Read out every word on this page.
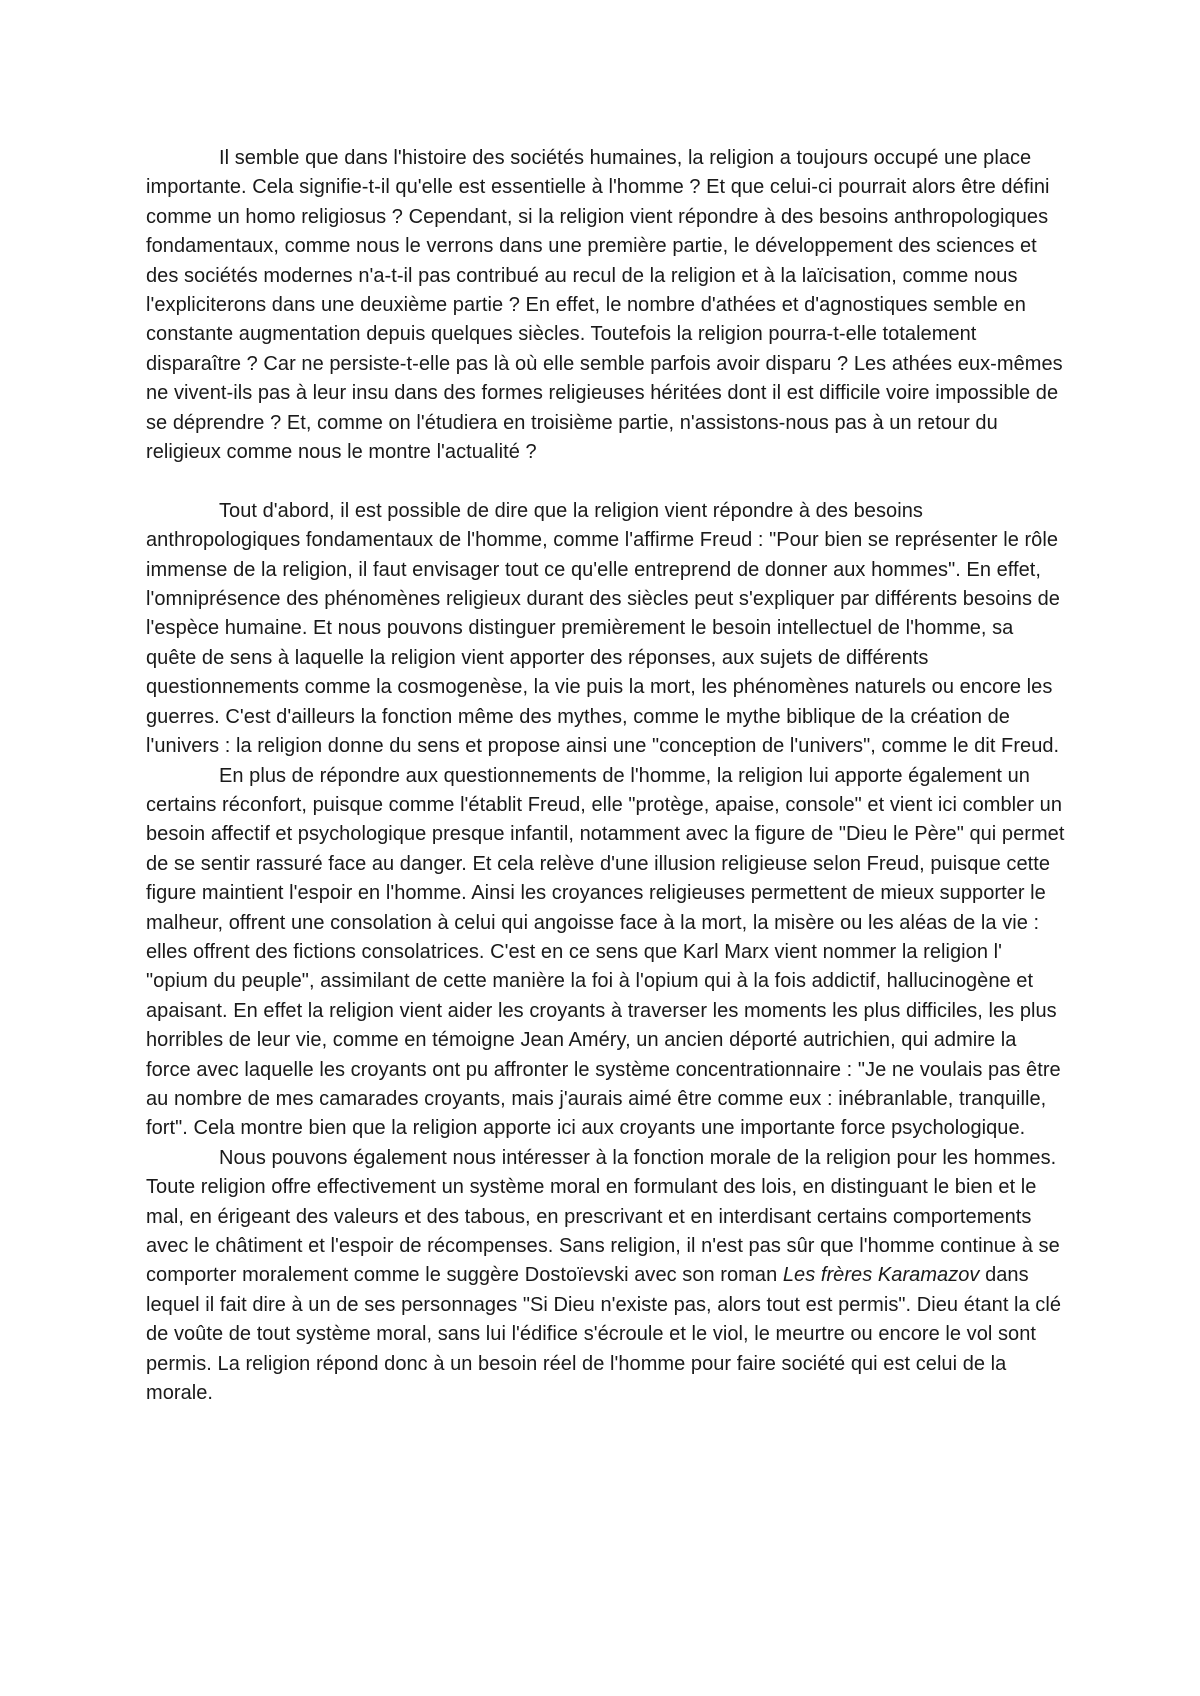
Il semble que dans l'histoire des sociétés humaines, la religion a toujours occupé une place importante. Cela signifie-t-il qu'elle est essentielle à l'homme ? Et que celui-ci pourrait alors être défini comme un homo religiosus ? Cependant, si la religion vient répondre à des besoins anthropologiques fondamentaux, comme nous le verrons dans une première partie, le développement des sciences et des sociétés modernes n'a-t-il pas contribué au recul de la religion et à la laïcisation, comme nous l'expliciterons dans une deuxième partie ? En effet, le nombre d'athées et d'agnostiques semble en constante augmentation depuis quelques siècles. Toutefois la religion pourra-t-elle totalement disparaître ? Car ne persiste-t-elle pas là où elle semble parfois avoir disparu ? Les athées eux-mêmes ne vivent-ils pas à leur insu dans des formes religieuses héritées dont il est difficile voire impossible de se déprendre ? Et, comme on l'étudiera en troisième partie, n'assistons-nous pas à un retour du religieux comme nous le montre l'actualité ?

Tout d'abord, il est possible de dire que la religion vient répondre à des besoins anthropologiques fondamentaux de l'homme, comme l'affirme Freud : "Pour bien se représenter le rôle immense de la religion, il faut envisager tout ce qu'elle entreprend de donner aux hommes". En effet, l'omniprésence des phénomènes religieux durant des siècles peut s'expliquer par différents besoins de l'espèce humaine. Et nous pouvons distinguer premièrement le besoin intellectuel de l'homme, sa quête de sens à laquelle la religion vient apporter des réponses, aux sujets de différents questionnements comme la cosmogenèse, la vie puis la mort, les phénomènes naturels ou encore les guerres. C'est d'ailleurs la fonction même des mythes, comme le mythe biblique de la création de l'univers : la religion donne du sens et propose ainsi une "conception de l'univers", comme le dit Freud.

En plus de répondre aux questionnements de l'homme, la religion lui apporte également un certains réconfort, puisque comme l'établit Freud, elle "protège, apaise, console" et vient ici combler un besoin affectif et psychologique presque infantil, notamment avec la figure de "Dieu le Père" qui permet de se sentir rassuré face au danger. Et cela relève d'une illusion religieuse selon Freud, puisque cette figure maintient l'espoir en l'homme. Ainsi les croyances religieuses permettent de mieux supporter le malheur, offrent une consolation à celui qui angoisse face à la mort, la misère ou les aléas de la vie : elles offrent des fictions consolatrices. C'est en ce sens que Karl Marx vient nommer la religion l' "opium du peuple", assimilant de cette manière la foi à l'opium qui à la fois addictif, hallucinogène et apaisant. En effet la religion vient aider les croyants à traverser les moments les plus difficiles, les plus horribles de leur vie, comme en témoigne Jean Améry, un ancien déporté autrichien, qui admire la force avec laquelle les croyants ont pu affronter le système concentrationnaire : "Je ne voulais pas être au nombre de mes camarades croyants, mais j'aurais aimé être comme eux : inébranlable, tranquille, fort". Cela montre bien que la religion apporte ici aux croyants une importante force psychologique.

Nous pouvons également nous intéresser à la fonction morale de la religion pour les hommes. Toute religion offre effectivement un système moral en formulant des lois, en distinguant le bien et le mal, en érigeant des valeurs et des tabous, en prescrivant et en interdisant certains comportements avec le châtiment et l'espoir de récompenses. Sans religion, il n'est pas sûr que l'homme continue à se comporter moralement comme le suggère Dostoïevski avec son roman Les frères Karamazov dans lequel il fait dire à un de ses personnages "Si Dieu n'existe pas, alors tout est permis". Dieu étant la clé de voûte de tout système moral, sans lui l'édifice s'écroule et le viol, le meurtre ou encore le vol sont permis. La religion répond donc à un besoin réel de l'homme pour faire société qui est celui de la morale.
